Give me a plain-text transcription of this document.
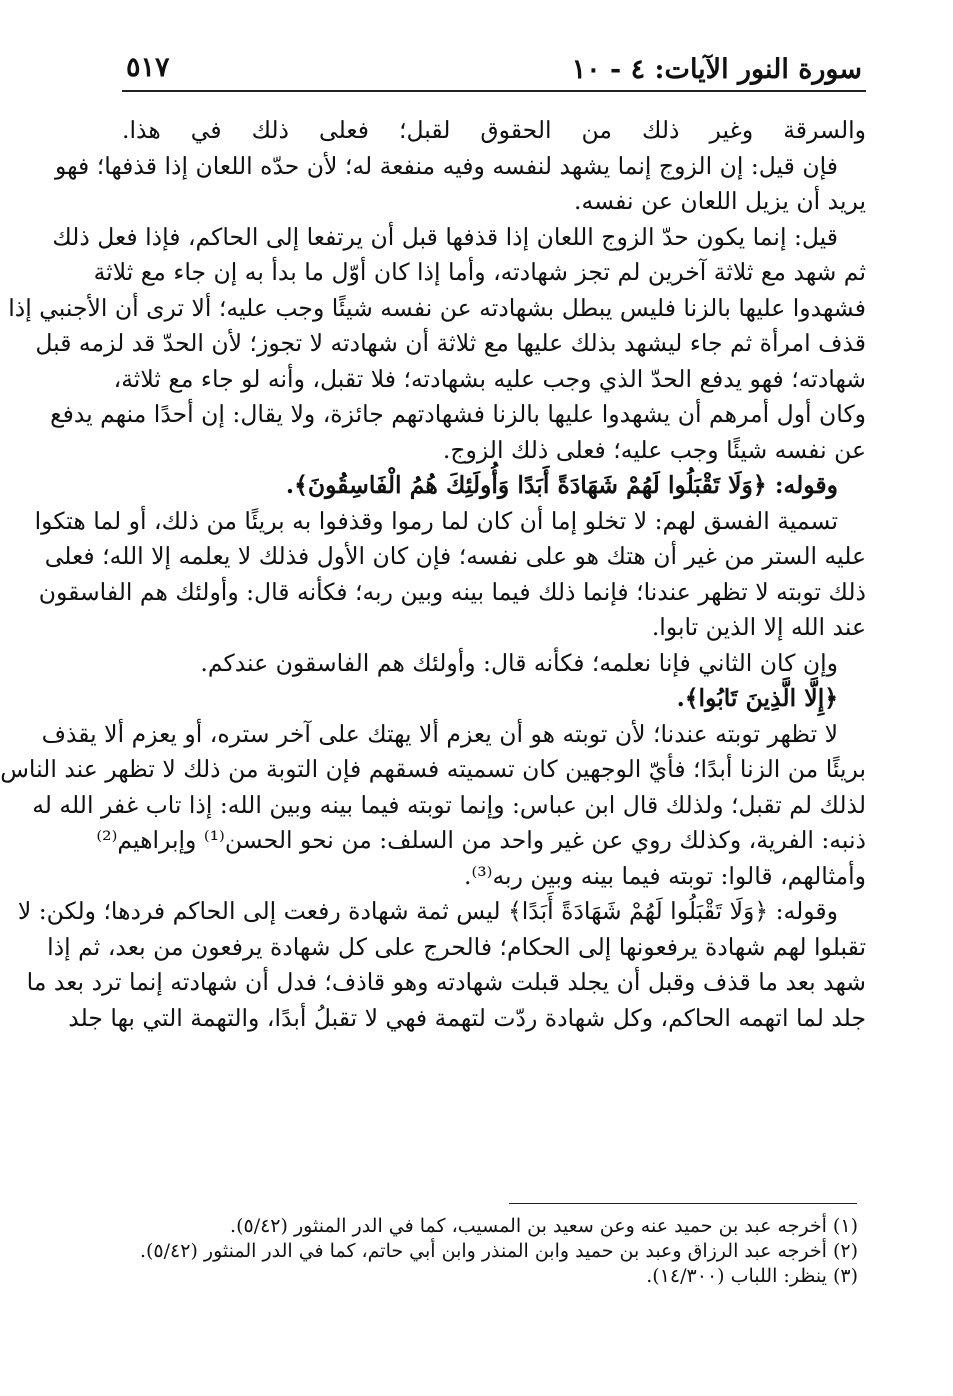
سورة النور الآيات: ٤ - ١٠
٥١٧
والسرقة وغير ذلك من الحقوق لقبل؛ فعلى ذلك في هذا.
فإن قيل: إن الزوج إنما يشهد لنفسه وفيه منفعة له؛ لأن حدّه اللعان إذا قذفها؛ فهو
يريد أن يزيل اللعان عن نفسه.
قيل: إنما يكون حدّ الزوج اللعان إذا قذفها قبل أن يرتفعا إلى الحاكم، فإذا فعل ذلك
ثم شهد مع ثلاثة آخرين لم تجز شهادته، وأما إذا كان أوّل ما بدأ به إن جاء مع ثلاثة
فشهدوا عليها بالزنا فليس يبطل بشهادته عن نفسه شيئًا وجب عليه؛ ألا ترى أن الأجنبي إذا
قذف امرأة ثم جاء ليشهد بذلك عليها مع ثلاثة أن شهادته لا تجوز؛ لأن الحدّ قد لزمه قبل
شهادته؛ فهو يدفع الحدّ الذي وجب عليه بشهادته؛ فلا تقبل، وأنه لو جاء مع ثلاثة،
وكان أول أمرهم أن يشهدوا عليها بالزنا فشهادتهم جائزة، ولا يقال: إن أحدًا منهم يدفع
عن نفسه شيئًا وجب عليه؛ فعلى ذلك الزوج.
وقوله: ﴿وَلَا تَقْبَلُوا لَهُمْ شَهَادَةً أَبَدًا وَأُولَئِكَ هُمُ الْفَاسِقُونَ﴾.
تسمية الفسق لهم: لا تخلو إما أن كان لما رموا وقذفوا به بريئًا من ذلك، أو لما هتكوا
عليه الستر من غير أن هتك هو على نفسه؛ فإن كان الأول فذلك لا يعلمه إلا الله؛ فعلى
ذلك توبته لا تظهر عندنا؛ فإنما ذلك فيما بينه وبين ربه؛ فكأنه قال: وأولئك هم الفاسقون
عند الله إلا الذين تابوا.
وإن كان الثاني فإنا نعلمه؛ فكأنه قال: وأولئك هم الفاسقون عندكم.
﴿إِلَّا الَّذِينَ تَابُوا﴾.
لا تظهر توبته عندنا؛ لأن توبته هو أن يعزم ألا يهتك على آخر ستره، أو يعزم ألا يقذف
بريئًا من الزنا أبدًا؛ فأيّ الوجهين كان تسميته فسقهم فإن التوبة من ذلك لا تظهر عند الناس
لذلك لم تقبل؛ ولذلك قال ابن عباس: وإنما توبته فيما بينه وبين الله: إذا تاب غفر الله له
ذنبه: الفرية، وكذلك روي عن غير واحد من السلف: من نحو الحسن⁽¹⁾ وإبراهيم⁽²⁾
وأمثالهم، قالوا: توبته فيما بينه وبين ربه⁽³⁾.
وقوله: ﴿وَلَا تَقْبَلُوا لَهُمْ شَهَادَةً أَبَدًا﴾ ليس ثمة شهادة رفعت إلى الحاكم فردها؛ ولكن: لا
تقبلوا لهم شهادة يرفعونها إلى الحكام؛ فالحرج على كل شهادة يرفعون من بعد، ثم إذا
شهد بعد ما قذف وقبل أن يجلد قبلت شهادته وهو قاذف؛ فدل أن شهادته إنما ترد بعد ما
جلد لما اتهمه الحاكم، وكل شهادة ردّت لتهمة فهي لا تقبلُ أبدًا، والتهمة التي بها جلد
(١) أخرجه عبد بن حميد عنه وعن سعيد بن المسيب، كما في الدر المنثور (٥/٤٢).
(٢) أخرجه عبد الرزاق وعبد بن حميد وابن المنذر وابن أبي حاتم، كما في الدر المنثور (٥/٤٢).
(٣) ينظر: اللباب (١٤/٣٠٠).
